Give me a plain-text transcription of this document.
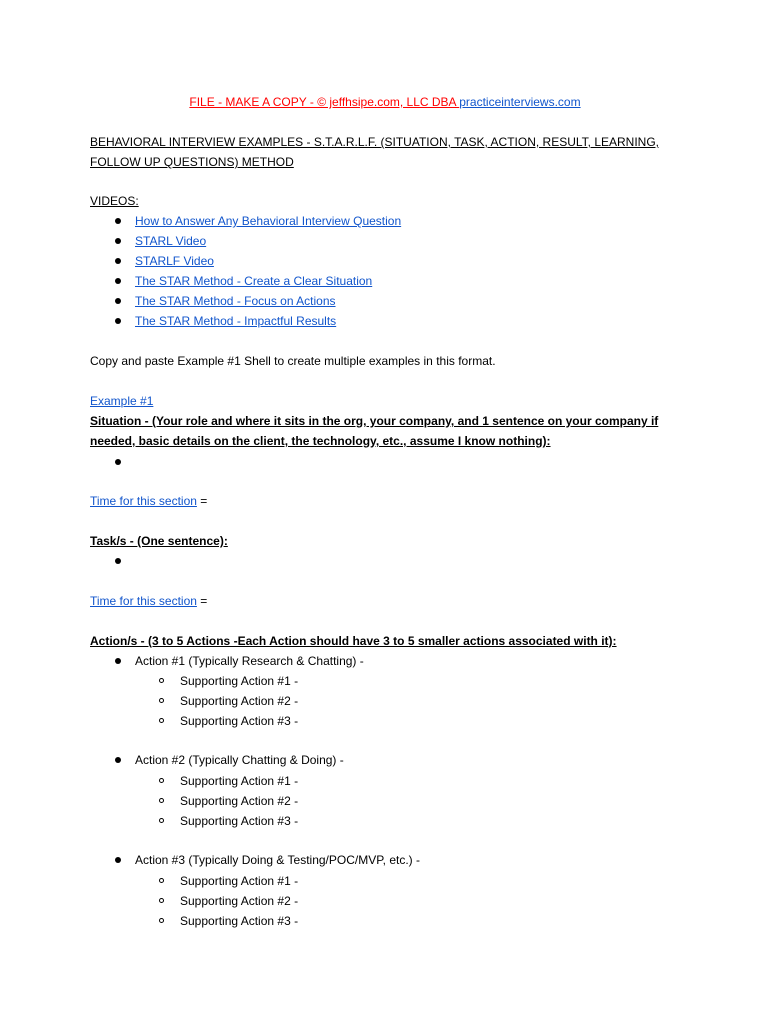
FILE - MAKE A COPY - © jeffhsipe.com, LLC DBA practiceinterviews.com
BEHAVIORAL INTERVIEW EXAMPLES - S.T.A.R.L.F. (SITUATION, TASK, ACTION, RESULT, LEARNING,
FOLLOW UP QUESTIONS) METHOD
VIDEOS:
How to Answer Any Behavioral Interview Question
STARL Video
STARLF Video
The STAR Method - Create a Clear Situation
The STAR Method - Focus on Actions
The STAR Method - Impactful Results
Copy and paste Example #1 Shell to create multiple examples in this format.
Example #1
Situation - (Your role and where it sits in the org, your company, and 1 sentence on your company if
needed, basic details on the client, the technology, etc., assume I know nothing):
Time for this section =
Task/s - (One sentence):
Time for this section =
Action/s - (3 to 5 Actions -Each Action should have 3 to 5 smaller actions associated with it):
Action #1 (Typically Research & Chatting) -
Supporting Action #1 -
Supporting Action #2 -
Supporting Action #3 -
Action #2 (Typically Chatting & Doing) -
Supporting Action #1 -
Supporting Action #2 -
Supporting Action #3 -
Action #3 (Typically Doing & Testing/POC/MVP, etc.) -
Supporting Action #1 -
Supporting Action #2 -
Supporting Action #3 -
